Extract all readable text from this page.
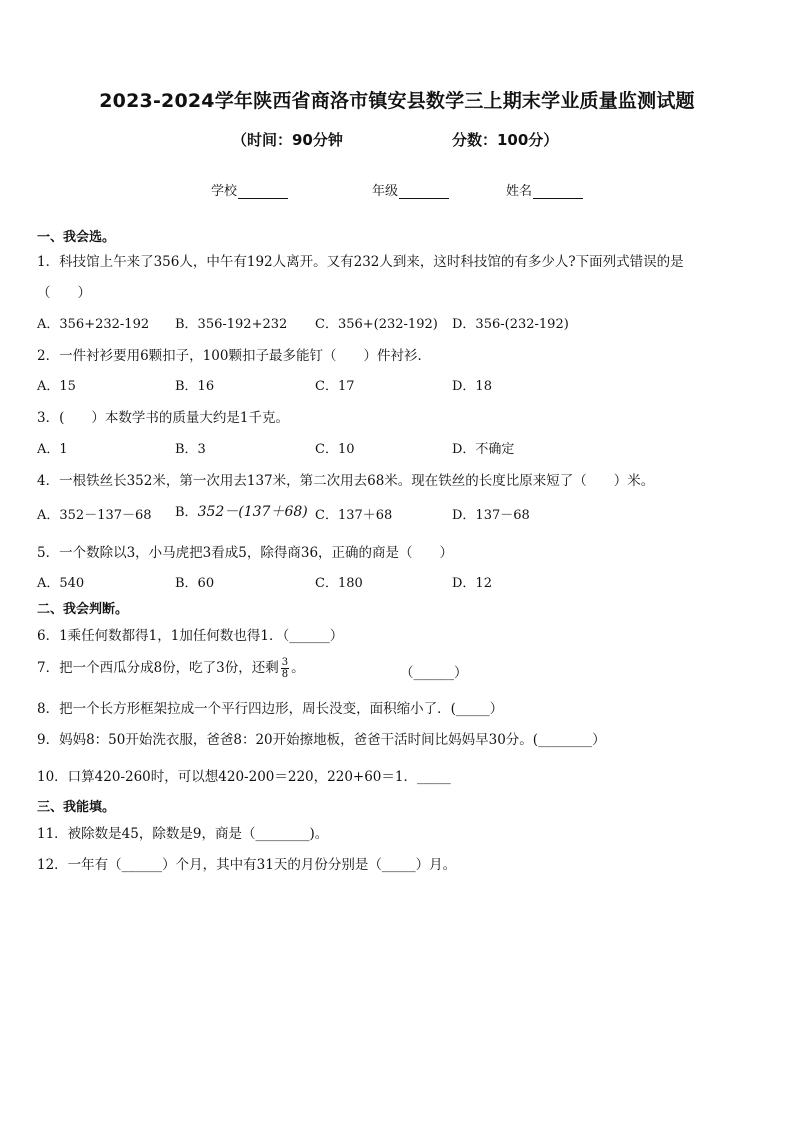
2023-2024学年陕西省商洛市镇安县数学三上期末学业质量监测试题
（时间：90分钟	分数：100分）
学校	年级	姓名
一、我会选。
1．科技馆上午来了356人，中午有192人离开。又有232人到来，这时科技馆的有多少人?下面列式错误的是
（　　）
A．356+232-192 B．356-192+232 C．356+(232-192) D．356-(232-192)
2．一件衬衫要用6颗扣子，100颗扣子最多能钉（　　）件衬衫．
A．15	B．16	C．17	D．18
3．(　　）本数学书的质量大约是1千克。
A．1	B．3	C．10	D．不确定
4．一根铁丝长352米，第一次用去137米，第二次用去68米。现在铁丝的长度比原来短了（　　）米。
A．352－137－68 B．352－(137＋68) C．137＋68	D．137－68
5．一个数除以3，小马虎把3看成5，除得商36，正确的商是（　　）
A．540	B．60	C．180	D．12
二、我会判断。
6．1乘任何数都得1，1加任何数也得1．（______）
7．把一个西瓜分成8份，吃了3份，还剩 $\frac{3}{8}$ 。	（______）
8．把一个长方形框架拉成一个平行四边形，周长没变，面积缩小了．(_____）
9．妈妈8：50开始洗衣服，爸爸8：20开始擦地板，爸爸干活时间比妈妈早30分。(________）
10．口算420-260时，可以想420-200＝220，220+60＝1．_____
三、我能填。
11．被除数是45，除数是9，商是（________)。
12．一年有（______）个月，其中有31天的月份分别是（_____）月。
